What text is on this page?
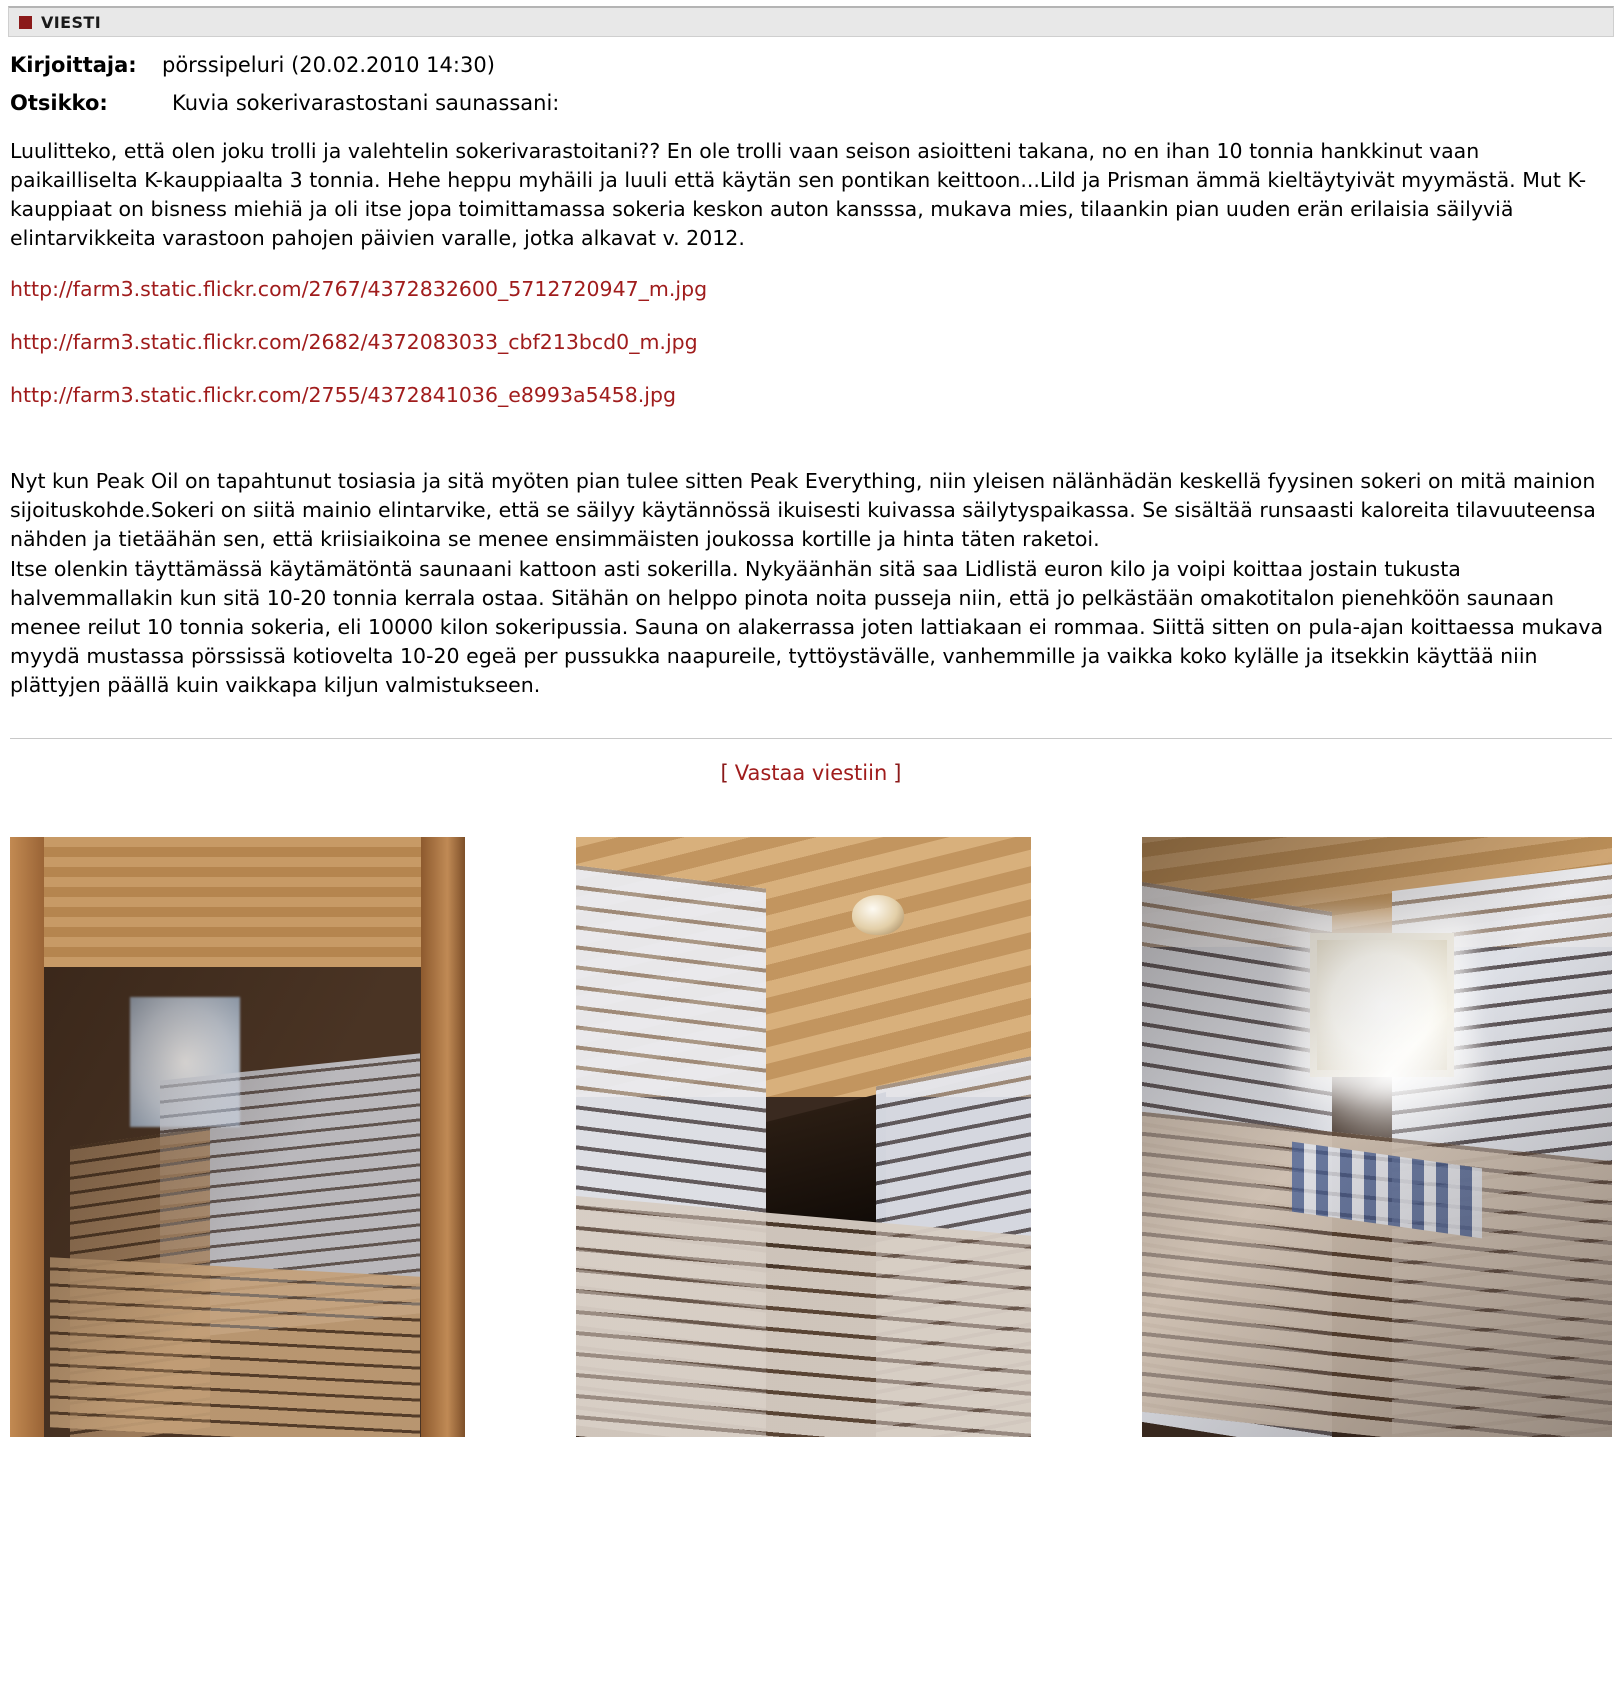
VIESTI
Kirjoittaja:	pörssipeluri (20.02.2010 14:30)
Otsikko:	Kuvia sokerivarastostani saunassani:
Luulitteko, että olen joku trolli ja valehtelin sokerivarastoitani?? En ole trolli vaan seison asioitteni takana, no en ihan 10 tonnia hankkinut vaan paikailliselta K-kauppiaalta 3 tonnia. Hehe heppu myhäili ja luuli että käytän sen pontikan keittoon...Lild ja Prisman ämmä kieltäytyivät myymästä. Mut K-kauppiaat on bisness miehiä ja oli itse jopa toimittamassa sokeria keskon auton kansssa, mukava mies, tilaankin pian uuden erän erilaisia säilyviä elintarvikkeita varastoon pahojen päivien varalle, jotka alkavat v. 2012.
http://farm3.static.flickr.com/2767/4372832600_5712720947_m.jpg
http://farm3.static.flickr.com/2682/4372083033_cbf213bcd0_m.jpg
http://farm3.static.flickr.com/2755/4372841036_e8993a5458.jpg

Nyt kun Peak Oil on tapahtunut tosiasia ja sitä myöten pian tulee sitten Peak Everything, niin yleisen nälänhädän keskellä fyysinen sokeri on mitä mainion sijoituskohde.Sokeri on siitä mainio elintarvike, että se säilyy käytännössä ikuisesti kuivassa säilytyspaikassa. Se sisältää runsaasti kaloreita tilavuuteensa nähden ja tietäähän sen, että kriisiaikoina se menee ensimmäisten joukossa kortille ja hinta täten raketoi.

Itse olenkin täyttämässä käytämätöntä saunaani kattoon asti sokerilla. Nykyäänhän sitä saa Lidlistä euron kilo ja voipi koittaa jostain tukusta halvemmallakin kun sitä 10-20 tonnia kerrala ostaa. Sitähän on helppo pinota noita pusseja niin, että jo pelkästään omakotitalon pienehköön saunaan menee reilut 10 tonnia sokeria, eli 10000 kilon sokeripussia. Sauna on alakerrassa joten lattiakaan ei rommaa. Siittä sitten on pula-ajan koittaessa mukava myydä mustassa pörssissä kotiovelta 10-20 egeä per pussukka naapureile, tyttöystävälle, vanhemmille ja vaikka koko kylälle ja itsekkin käyttää niin plättyjen päällä kuin vaikkapa kiljun valmistukseen.

[ Vastaa viestiin ]
